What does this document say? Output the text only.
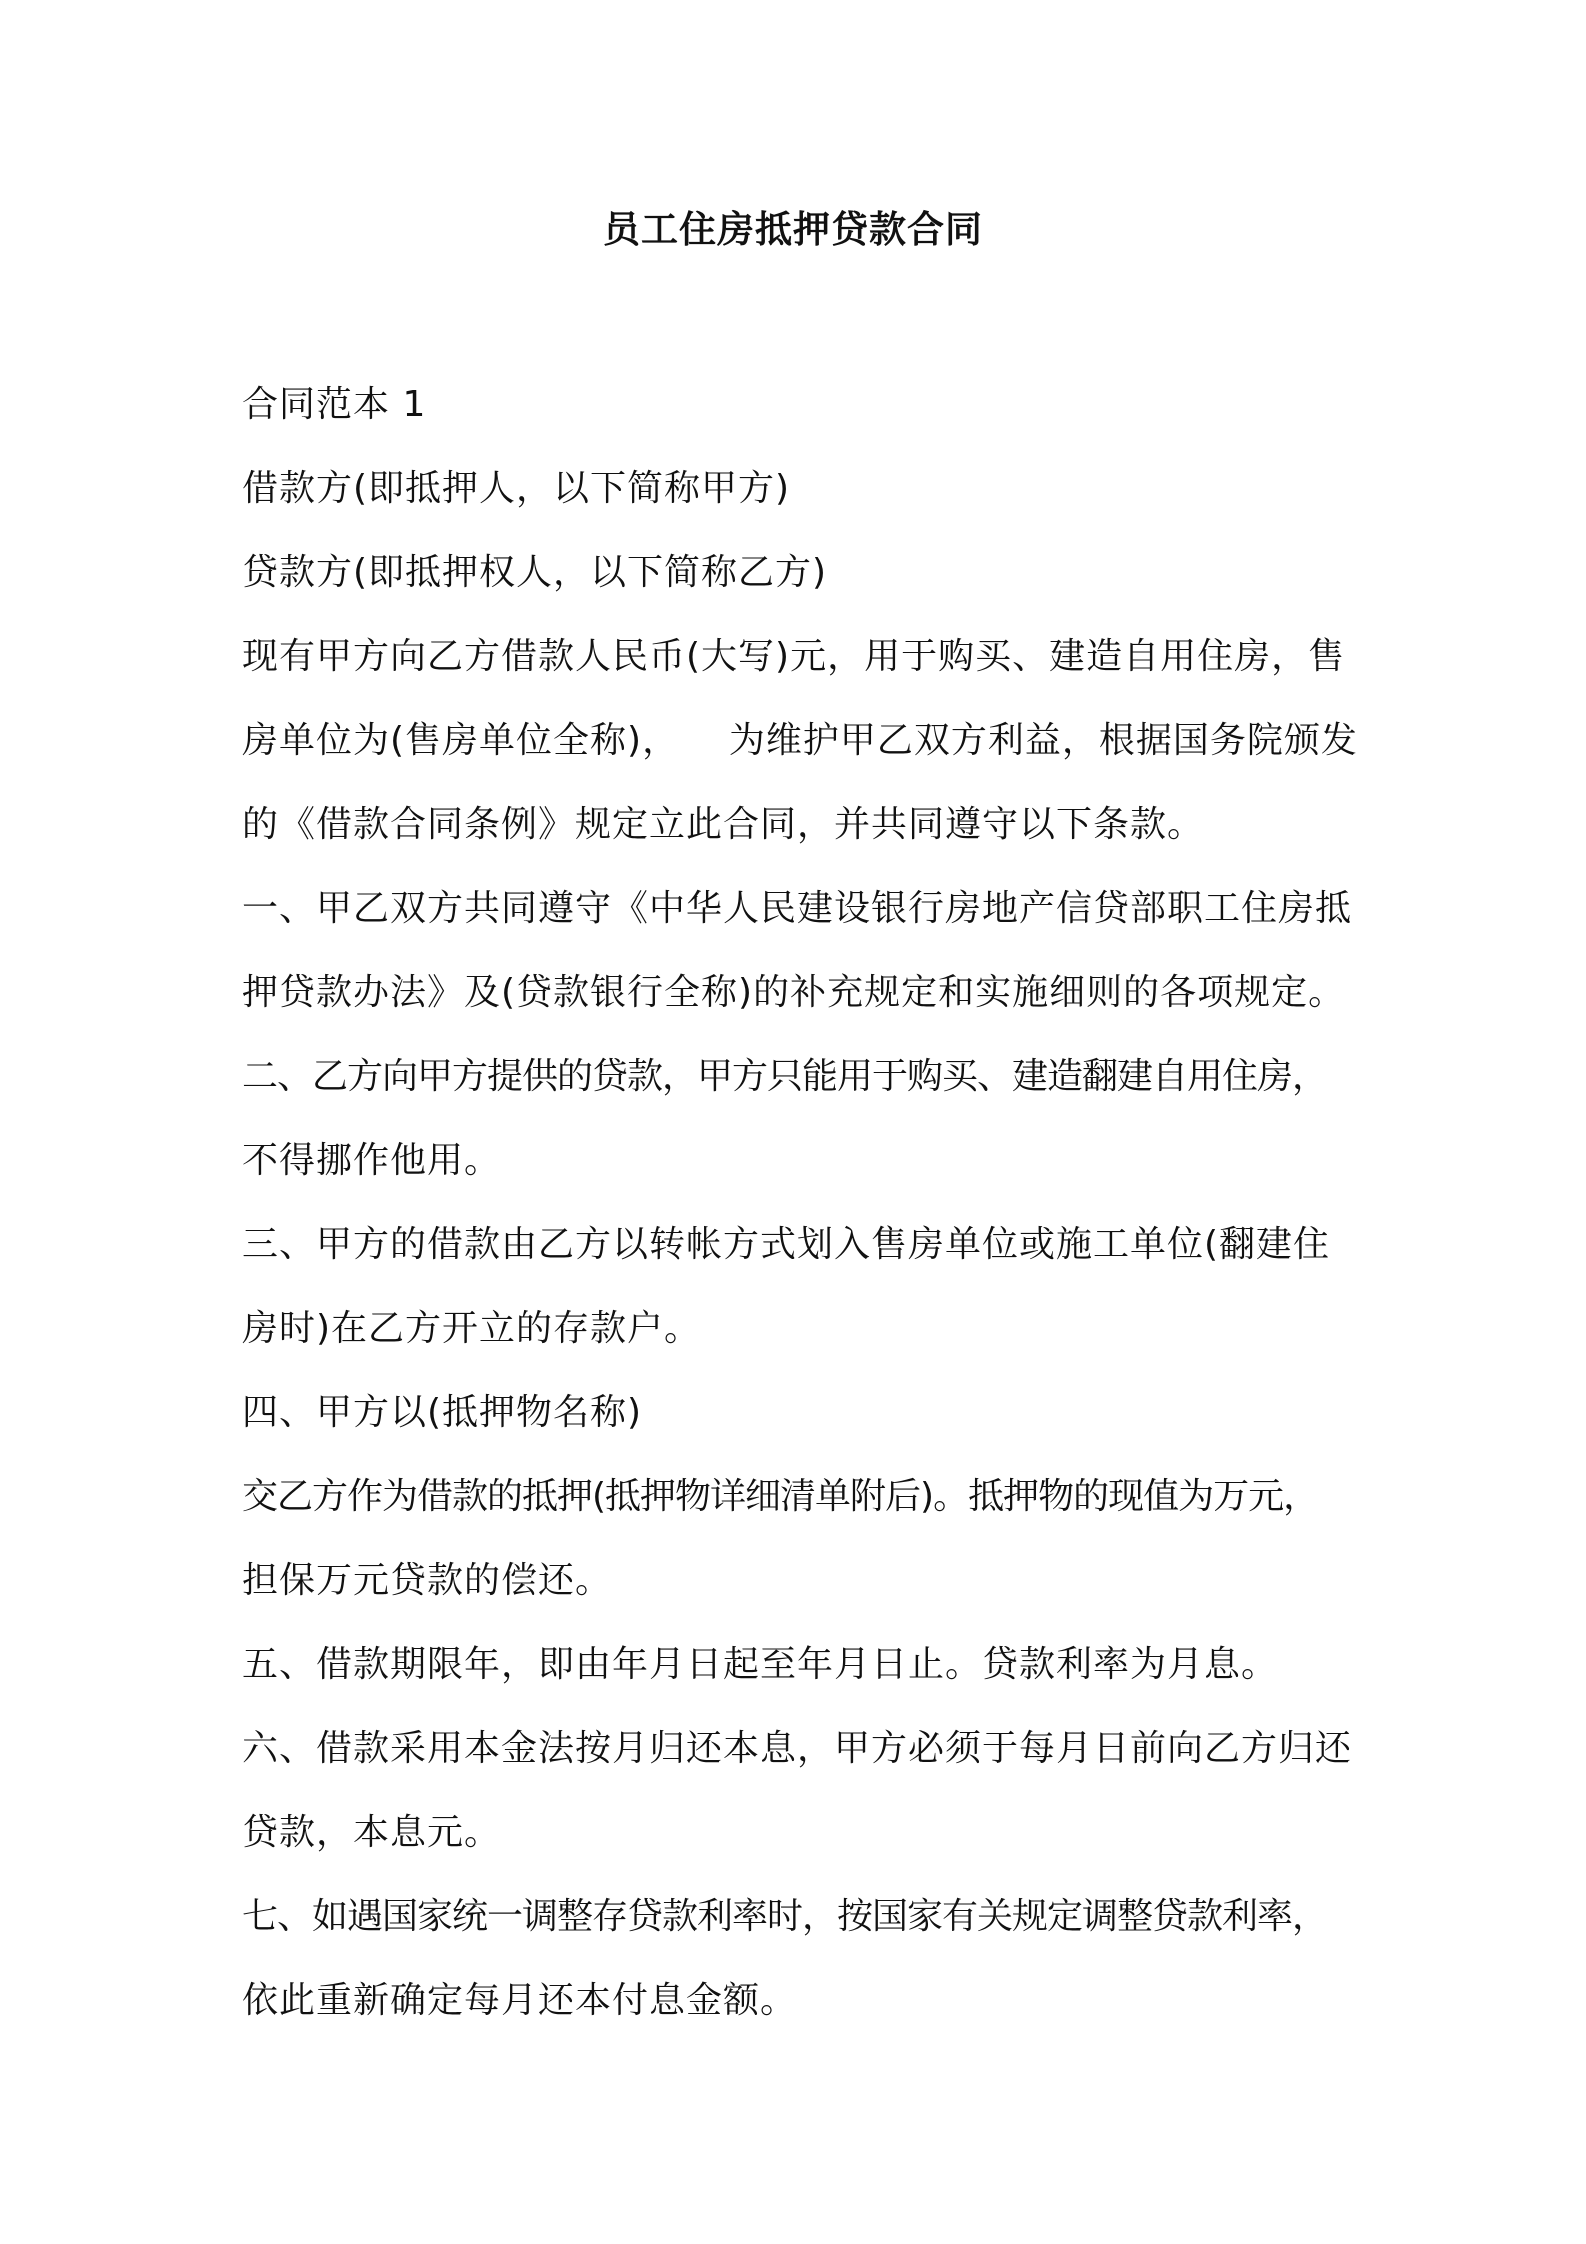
员工住房抵押贷款合同
合同范本 1
借款方(即抵押人，以下简称甲方)
贷款方(即抵押权人，以下简称乙方)
现有甲方向乙方借款人民币(大写)元，用于购买、建造自用住房，售
房单位为(售房单位全称)，    为维护甲乙双方利益，根据国务院颁发
的《借款合同条例》规定立此合同，并共同遵守以下条款。
一、甲乙双方共同遵守《中华人民建设银行房地产信贷部职工住房抵
押贷款办法》及(贷款银行全称)的补充规定和实施细则的各项规定。
二、乙方向甲方提供的贷款，甲方只能用于购买、建造翻建自用住房，
不得挪作他用。
三、甲方的借款由乙方以转帐方式划入售房单位或施工单位(翻建住
房时)在乙方开立的存款户。
四、甲方以(抵押物名称)
交乙方作为借款的抵押(抵押物详细清单附后)。抵押物的现值为万元，
担保万元贷款的偿还。
五、借款期限年，即由年月日起至年月日止。贷款利率为月息。
六、借款采用本金法按月归还本息，甲方必须于每月日前向乙方归还
贷款，本息元。
七、如遇国家统一调整存贷款利率时，按国家有关规定调整贷款利率，
依此重新确定每月还本付息金额。
